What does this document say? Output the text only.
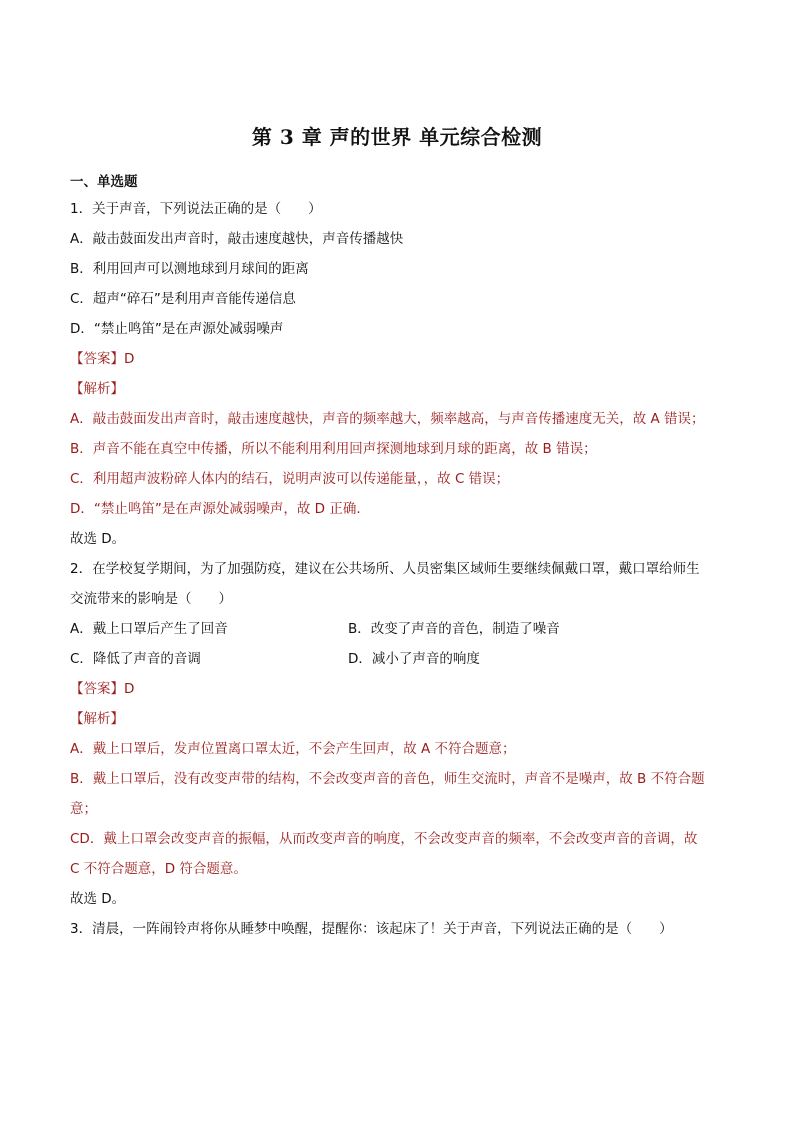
第 3 章 声的世界 单元综合检测
一、单选题
1．关于声音，下列说法正确的是（　　）
A．敲击鼓面发出声音时，敲击速度越快，声音传播越快
B．利用回声可以测地球到月球间的距离
C．超声“碎石”是利用声音能传递信息
D．“禁止鸣笛”是在声源处减弱噪声
【答案】D
【解析】
A．敲击鼓面发出声音时，敲击速度越快，声音的频率越大，频率越高，与声音传播速度无关，故 A 错误；
B．声音不能在真空中传播，所以不能利用利用回声探测地球到月球的距离，故 B 错误；
C．利用超声波粉碎人体内的结石，说明声波可以传递能量，，故 C 错误；
D．“禁止鸣笛”是在声源处减弱噪声，故 D 正确.
故选 D。
2．在学校复学期间，为了加强防疫，建议在公共场所、人员密集区域师生要继续佩戴口罩，戴口罩给师生
交流带来的影响是（　　）
A．戴上口罩后产生了回音	B．改变了声音的音色，制造了噪音
C．降低了声音的音调	D．减小了声音的响度
【答案】D
【解析】
A．戴上口罩后，发声位置离口罩太近，不会产生回声，故 A 不符合题意；
B．戴上口罩后，没有改变声带的结构，不会改变声音的音色，师生交流时，声音不是噪声，故 B 不符合题
意；
CD．戴上口罩会改变声音的振幅，从而改变声音的响度，不会改变声音的频率，不会改变声音的音调，故
C 不符合题意，D 符合题意。
故选 D。
3．清晨，一阵闹铃声将你从睡梦中唤醒，提醒你：该起床了！关于声音，下列说法正确的是（　　）
